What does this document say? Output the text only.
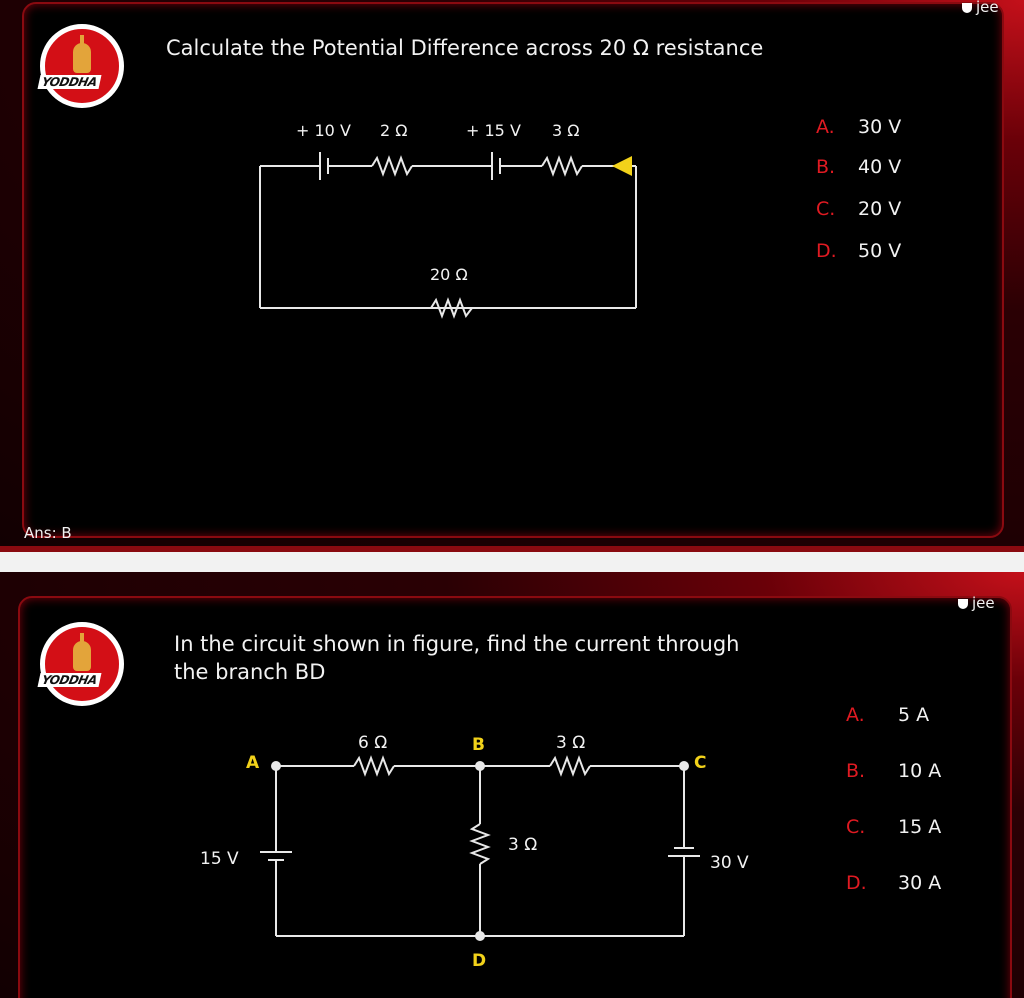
jee
YODDHA
Calculate the Potential Difference across 20 Ω resistance
+ 10 V 2 Ω	+ 15 V 3 Ω
20 Ω
A. 30 V
B. 40 V
C. 20 V
D. 50 V
Ans: B
jee
YODDHA
In the circuit shown in figure, find the current through
the branch BD
A
B
C
D
6 Ω	3 Ω
3 Ω
15 V	30 V
A. 5 A
B. 10 A
C. 15 A
D. 30 A
